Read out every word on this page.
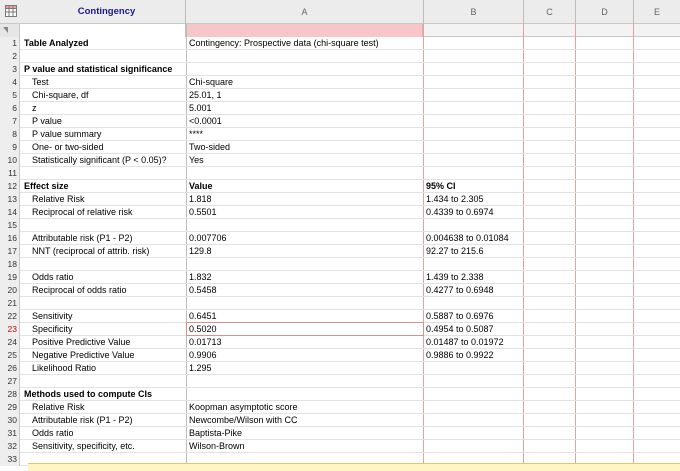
Contingency	A	B	C	D	E
1 Table Analyzed	Contingency: Prospective data (chi-square test)
2
3 P value and statistical significance
4	Test	Chi-square
5	Chi-square, df	25.01, 1
6	z	5.001
7	P value	<0.0001
8	P value summary	****
9	One- or two-sided	Two-sided
10	Statistically significant (P < 0.05)?	Yes
11
12 Effect size	Value	95% CI
13	Relative Risk	1.818	1.434 to 2.305
14	Reciprocal of relative risk	0.5501	0.4339 to 0.6974
15
16	Attributable risk (P1 - P2)	0.007706	0.004638 to 0.01084
17	NNT (reciprocal of attrib. risk)	129.8	92.27 to 215.6
18
19	Odds ratio	1.832	1.439 to 2.338
20	Reciprocal of odds ratio	0.5458	0.4277 to 0.6948
21
22	Sensitivity	0.6451	0.5887 to 0.6976
23	Specificity	0.5020	0.4954 to 0.5087
24	Positive Predictive Value	0.01713	0.01487 to 0.01972
25	Negative Predictive Value	0.9906	0.9886 to 0.9922
26	Likelihood Ratio	1.295
27
28 Methods used to compute CIs
29	Relative Risk	Koopman asymptotic score
30	Attributable risk (P1 - P2)	Newcombe/Wilson with CC
31	Odds ratio	Baptista-Pike
32	Sensitivity, specificity, etc.	Wilson-Brown
33
